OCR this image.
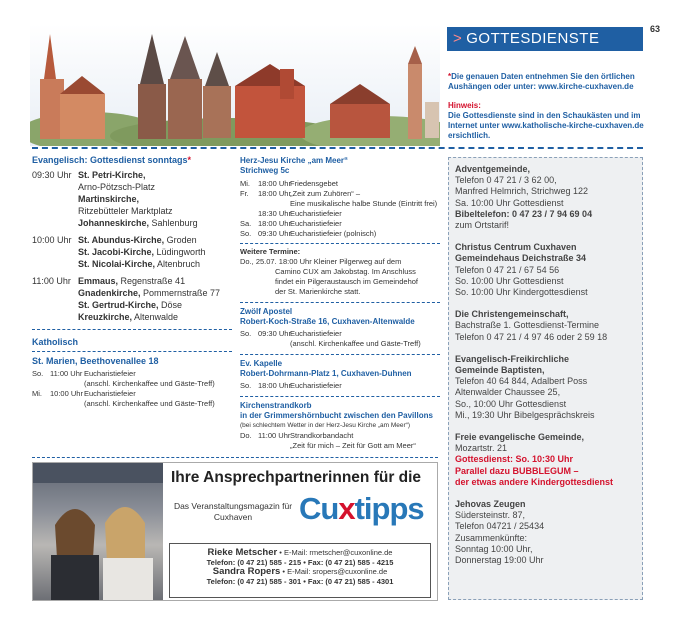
63
> GOTTESDIENSTE
*Die genauen Daten entnehmen Sie den örtlichen Aushängen oder unter: www.kirche-cuxhaven.de
Hinweis:
Die Gottesdienste sind in den Schaukästen und im Internet unter www.katholische-kirche-cuxhaven.de ersichtlich.
Evangelisch: Gottesdienst sonntags*
09:30 Uhr St. Petri-Kirche,
Arno-Pötzsch-Platz
Martinskirche,
Ritzebütteler Marktplatz
Johanneskirche, Sahlenburg
10:00 Uhr St. Abundus-Kirche, Groden
St. Jacobi-Kirche, Lüdingworth
St. Nicolai-Kirche, Altenbruch
11:00 Uhr Emmaus, Regenstraße 41
Gnadenkirche, Pommernstraße 77
St. Gertrud-Kirche, Döse
Kreuzkirche, Altenwalde
Katholisch
St. Marien, Beethovenallee 18
So. 11:00 Uhr Eucharistiefeier
(anschl. Kirchenkaffee und Gäste-Treff)
Mi.	10:00 Uhr Eucharistiefeier
(anschl. Kirchenkaffee und Gäste-Treff)
Herz-Jesu Kirche „am Meer“
Strichweg 5c
Mi.	18:00 Uhr Friedensgebet
Fr.	18:00 Uhr „Zeit zum Zuhören“ –
Eine musikalische halbe Stunde (Eintritt frei)
18:30 Uhr Eucharistiefeier
Sa. 18:00 Uhr Eucharistiefeier
So. 09:30 Uhr Eucharistiefeier (polnisch)
Weitere Termine:
Do., 25.07. 18:00 Uhr Kleiner Pilgerweg auf dem
Camino CUX am Jakobstag. Im Anschluss
findet ein Pilgeraustausch im Gemeindehof
der St. Marienkirche statt.
Zwölf Apostel
Robert-Koch-Straße 16, Cuxhaven-Altenwalde
So. 09:30 Uhr Eucharistiefeier
(anschl. Kirchenkaffee und Gäste-Treff)
Ev. Kapelle
Robert-Dohrmann-Platz 1, Cuxhaven-Duhnen
So. 18:00 Uhr Eucharistiefeier
Kirchenstrandkorb
in der Grimmershörnbucht zwischen den Pavillons
(bei schlechtem Wetter in der Herz-Jesu Kirche „am Meer“)
Do. 11:00 Uhr Strandkorbandacht
„Zeit für mich – Zeit für Gott am Meer“
Adventgemeinde,
Telefon 0 47 21 / 3 62 00,
Manfred Helmrich, Strichweg 122
Sa. 10:00 Uhr Gottesdienst
Bibeltelefon: 0 47 23 / 7 94 69 04
zum Ortstarif!
Christus Centrum Cuxhaven
Gemeindehaus Deichstraße 34
Telefon 0 47 21 / 67 54 56
So. 10:00 Uhr Gottesdienst
So. 10:00 Uhr Kindergottesdienst
Die Christengemeinschaft,
Bachstraße 1. Gottesdienst-Termine
Telefon 0 47 21 / 4 97 46 oder 2 59 18
Evangelisch-Freikirchliche
Gemeinde Baptisten,
Telefon 40 64 844, Adalbert Poss
Altenwalder Chaussee 25,
So., 10:00 Uhr Gottesdienst
Mi., 19:30 Uhr Bibelgesprächskreis
Freie evangelische Gemeinde,
Mozartstr. 21
Gottesdienst: So. 10:30 Uhr
Parallel dazu BUBBLEGUM –
der etwas andere Kindergottesdienst
Jehovas Zeugen
Südersteinstr. 87,
Telefon 04721 / 25434
Zusammenkünfte:
Sonntag 10:00 Uhr,
Donnerstag 19:00 Uhr
Ihre Ansprechpartnerinnen für die
Das Veranstaltungsmagazin für Cuxhaven	Cuxtipps
Rieke Metscher • E-Mail: rmetscher@cuxonline.de
Telefon: (0 47 21) 585 - 215 • Fax: (0 47 21) 585 - 4215
Sandra Ropers • E-Mail: sropers@cuxonline.de
Telefon: (0 47 21) 585 - 301 • Fax: (0 47 21) 585 - 4301
